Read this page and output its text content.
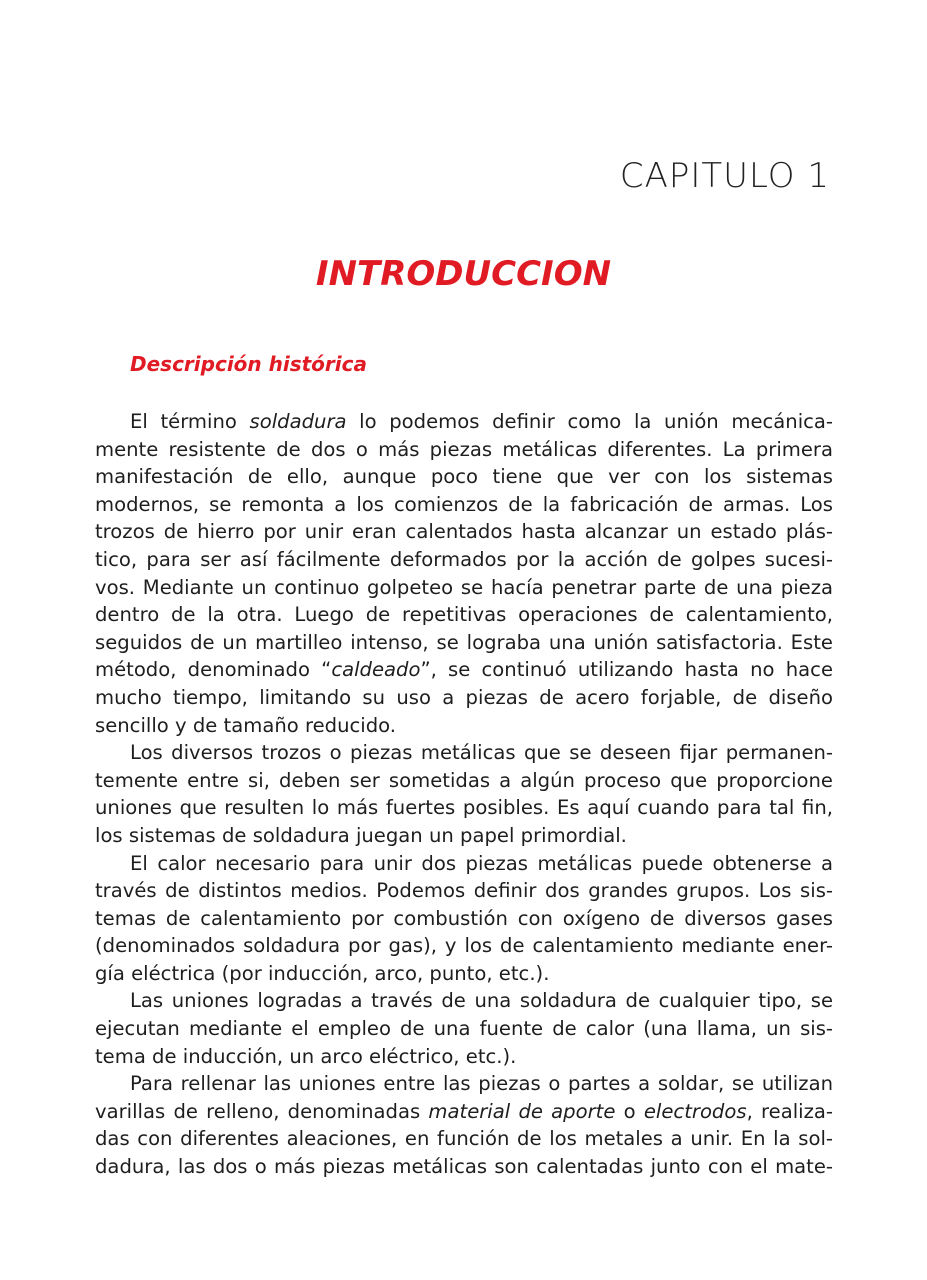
CAPITULO 1
INTRODUCCION
Descripción histórica
El término soldadura lo podemos definir como la unión mecánica-
mente resistente de dos o más piezas metálicas diferentes. La primera
manifestación de ello, aunque poco tiene que ver con los sistemas
modernos, se remonta a los comienzos de la fabricación de armas. Los
trozos de hierro por unir eran calentados hasta alcanzar un estado plás-
tico, para ser así fácilmente deformados por la acción de golpes sucesi-
vos. Mediante un continuo golpeteo se hacía penetrar parte de una pieza
dentro de la otra. Luego de repetitivas operaciones de calentamiento,
seguidos de un martilleo intenso, se lograba una unión satisfactoria. Este
método, denominado “caldeado”, se continuó utilizando hasta no hace
mucho tiempo, limitando su uso a piezas de acero forjable, de diseño
sencillo y de tamaño reducido.
Los diversos trozos o piezas metálicas que se deseen fijar permanen-
temente entre si, deben ser sometidas a algún proceso que proporcione
uniones que resulten lo más fuertes posibles. Es aquí cuando para tal fin,
los sistemas de soldadura juegan un papel primordial.
El calor necesario para unir dos piezas metálicas puede obtenerse a
través de distintos medios. Podemos definir dos grandes grupos. Los sis-
temas de calentamiento por combustión con oxígeno de diversos gases
(denominados soldadura por gas), y los de calentamiento mediante ener-
gía eléctrica (por inducción, arco, punto, etc.).
Las uniones logradas a través de una soldadura de cualquier tipo, se
ejecutan mediante el empleo de una fuente de calor (una llama, un sis-
tema de inducción, un arco eléctrico, etc.).
Para rellenar las uniones entre las piezas o partes a soldar, se utilizan
varillas de relleno, denominadas material de aporte o electrodos, realiza-
das con diferentes aleaciones, en función de los metales a unir. En la sol-
dadura, las dos o más piezas metálicas son calentadas junto con el mate-
